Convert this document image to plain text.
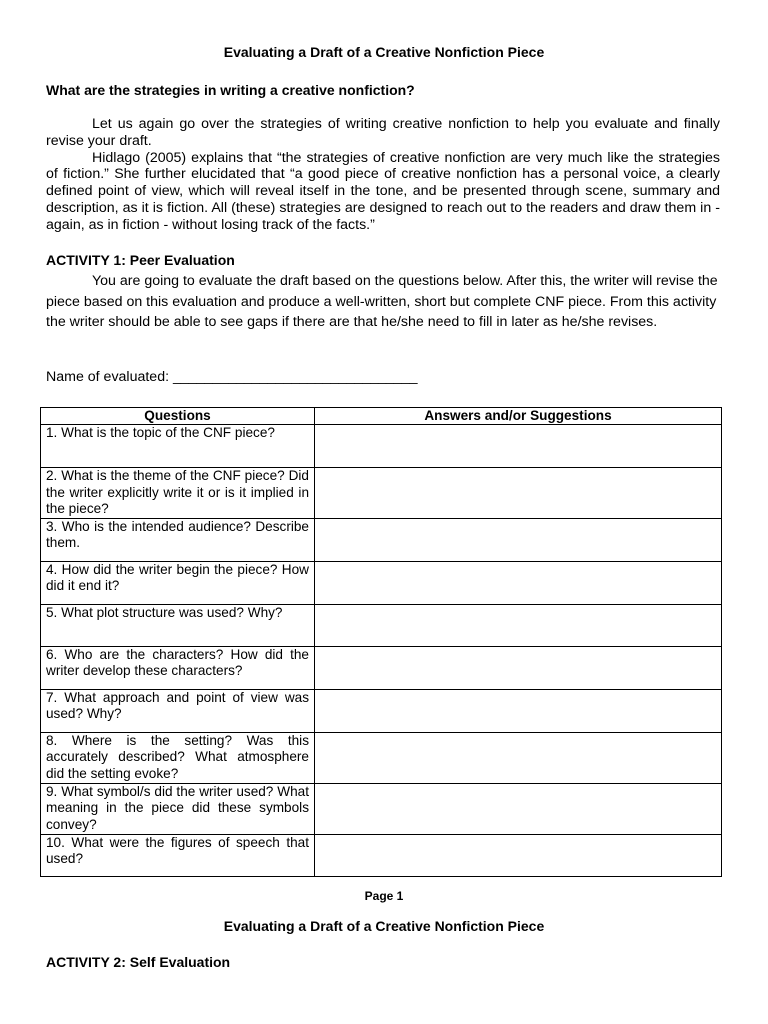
Evaluating a Draft of a Creative Nonfiction Piece
What are the strategies in writing a creative nonfiction?

Let us again go over the strategies of writing creative nonfiction to help you evaluate and finally revise your draft.

Hidlago (2005) explains that “the strategies of creative nonfiction are very much like the strategies of fiction.” She further elucidated that “a good piece of creative nonfiction has a personal voice, a clearly defined point of view, which will reveal itself in the tone, and be presented through scene, summary and description, as it is fiction. All (these) strategies are designed to reach out to the readers and draw them in - again, as in fiction - without losing track of the facts.”

ACTIVITY 1: Peer Evaluation

You are going to evaluate the draft based on the questions below. After this, the writer will revise the piece based on this evaluation and produce a well-written, short but complete CNF piece. From this activity the writer should be able to see gaps if there are that he/she need to fill in later as he/she revises.

Name of evaluated: _______________________________
Questions	Answers and/or Suggestions
1. What is the topic of the CNF piece?	
2. What is the theme of the CNF piece? Did the writer explicitly write it or is it implied in the piece?	
3. Who is the intended audience? Describe them.	
4. How did the writer begin the piece? How did it end it?	
5. What plot structure was used? Why?	
6. Who are the characters? How did the writer develop these characters?	
7. What approach and point of view was used? Why?	
8. Where is the setting? Was this accurately described? What atmosphere did the setting evoke?	
9. What symbol/s did the writer used? What meaning in the piece did these symbols convey?	
10. What were the figures of speech that used?	
Page 1
Evaluating a Draft of a Creative Nonfiction Piece
ACTIVITY 2: Self Evaluation
